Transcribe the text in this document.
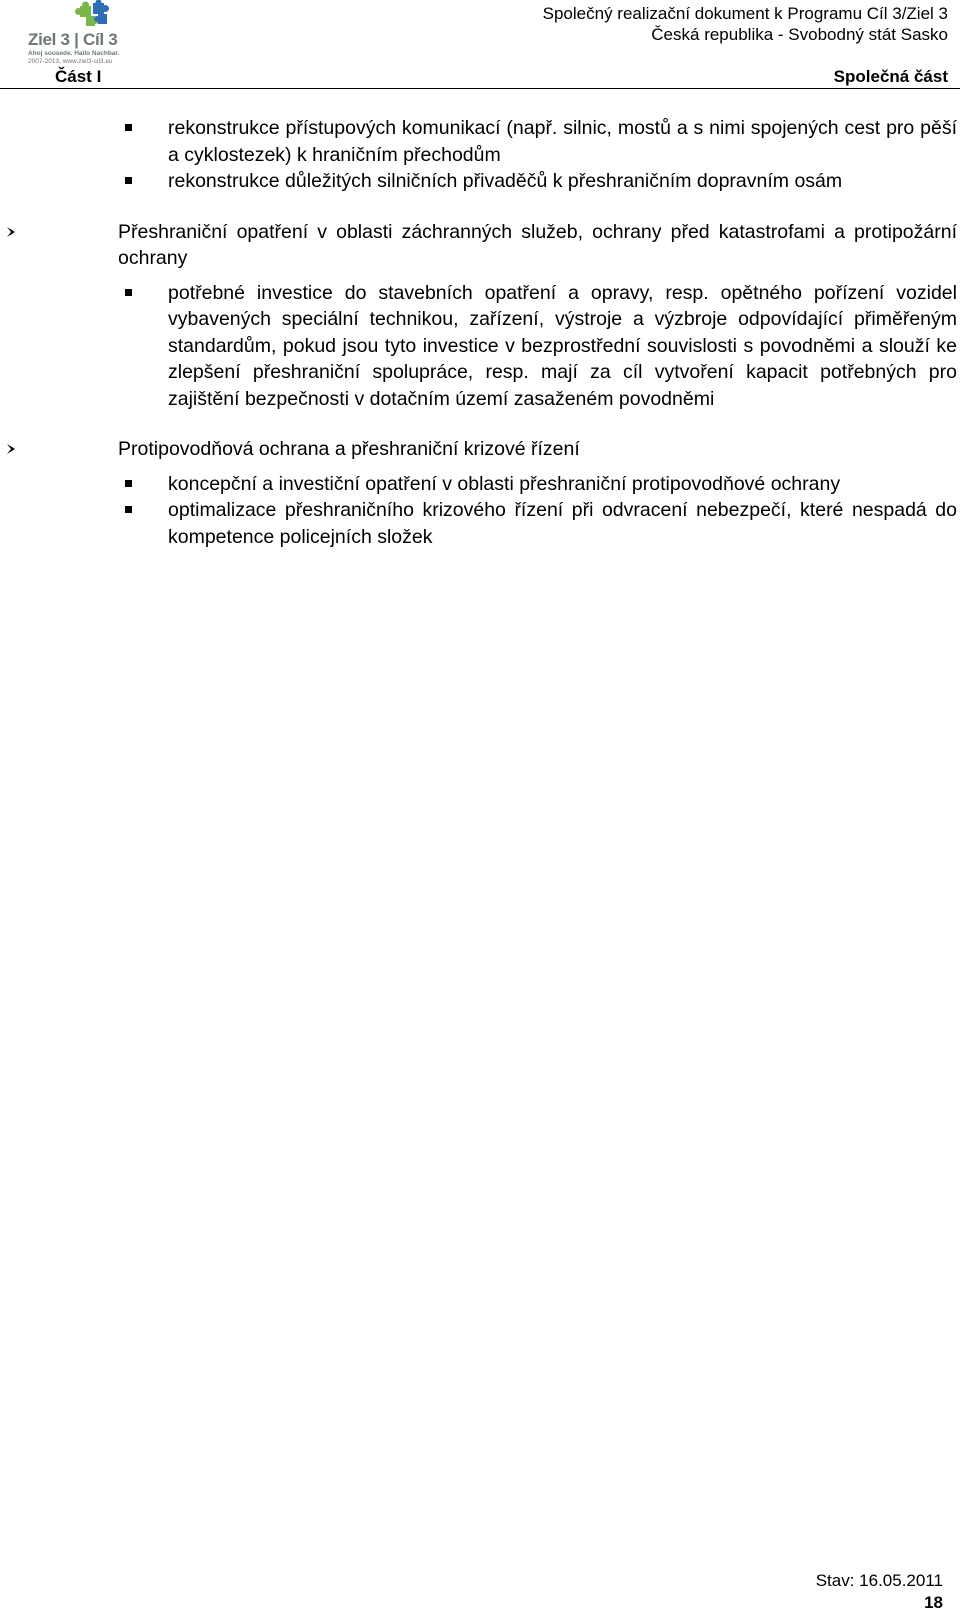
Ziel 3 | Cíl 3
Ahoj sousede. Hallo Nachbar.
2007-2013, www.ziel3-cil3.eu
Společný realizační dokument k Programu Cíl 3/Ziel 3
Česká republika - Svobodný stát Sasko
Část I	Společná část
rekonstrukce přístupových komunikací (např. silnic, mostů a s nimi spojených cest pro pěší a cyklostezek) k hraničním přechodům
rekonstrukce důležitých silničních přivaděčů k přeshraničním dopravním osám
Přeshraniční opatření v oblasti záchranných služeb, ochrany před katastrofami a protipožární ochrany
potřebné investice do stavebních opatření a opravy, resp. opětného pořízení vozidel vybavených speciální technikou, zařízení, výstroje a výzbroje odpovídající přiměřeným standardům, pokud jsou tyto investice v bezprostřední souvislosti s povodněmi a slouží ke zlepšení přeshraniční spolupráce, resp. mají za cíl vytvoření kapacit potřebných pro zajištění bezpečnosti v dotačním území zasaženém povodněmi
Protipovodňová ochrana a přeshraniční krizové řízení
koncepční a investiční opatření v oblasti přeshraniční protipovodňové ochrany
optimalizace přeshraničního krizového řízení při odvracení nebezpečí, které nespadá do kompetence policejních složek
Stav: 16.05.2011
18
